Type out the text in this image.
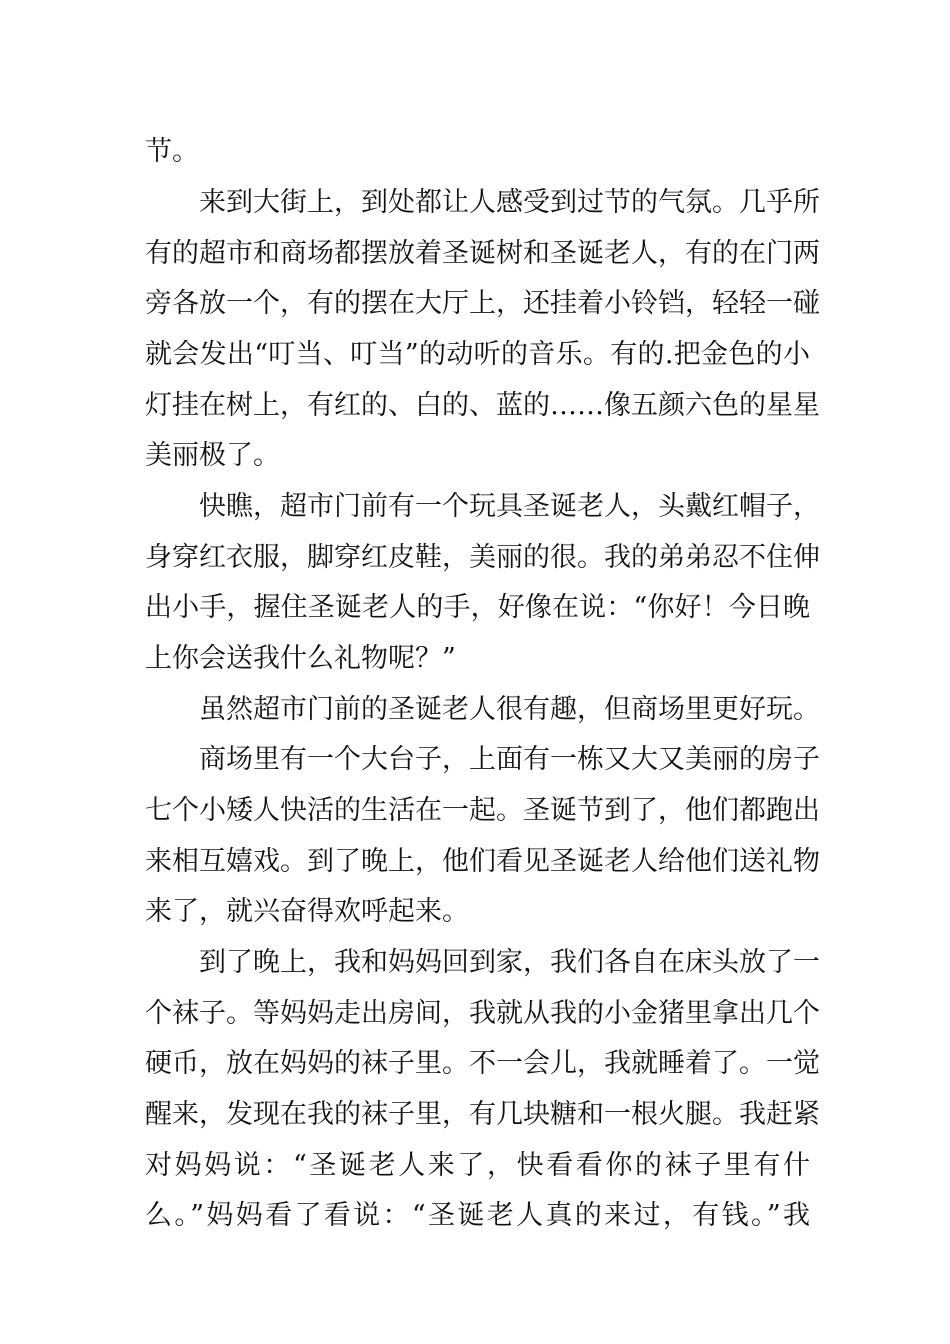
节。
来到大街上，到处都让人感受到过节的气氛。几乎所
有的超市和商场都摆放着圣诞树和圣诞老人，有的在门两
旁各放一个，有的摆在大厅上，还挂着小铃铛，轻轻一碰
就会发出“叮当、叮当”的动听的音乐。有的.把金色的小
灯挂在树上，有红的、白的、蓝的……像五颜六色的星星
美丽极了。
快瞧，超市门前有一个玩具圣诞老人，头戴红帽子，
身穿红衣服，脚穿红皮鞋，美丽的很。我的弟弟忍不住伸
出小手，握住圣诞老人的手，好像在说：“你好！今日晚
上你会送我什么礼物呢？”
虽然超市门前的圣诞老人很有趣，但商场里更好玩。
商场里有一个大台子，上面有一栋又大又美丽的房子
七个小矮人快活的生活在一起。圣诞节到了，他们都跑出
来相互嬉戏。到了晚上，他们看见圣诞老人给他们送礼物
来了，就兴奋得欢呼起来。
到了晚上，我和妈妈回到家，我们各自在床头放了一
个袜子。等妈妈走出房间，我就从我的小金猪里拿出几个
硬币，放在妈妈的袜子里。不一会儿，我就睡着了。一觉
醒来，发现在我的袜子里，有几块糖和一根火腿。我赶紧
对妈妈说：“圣诞老人来了，快看看你的袜子里有什
么。”妈妈看了看说：“圣诞老人真的来过，有钱。”我
